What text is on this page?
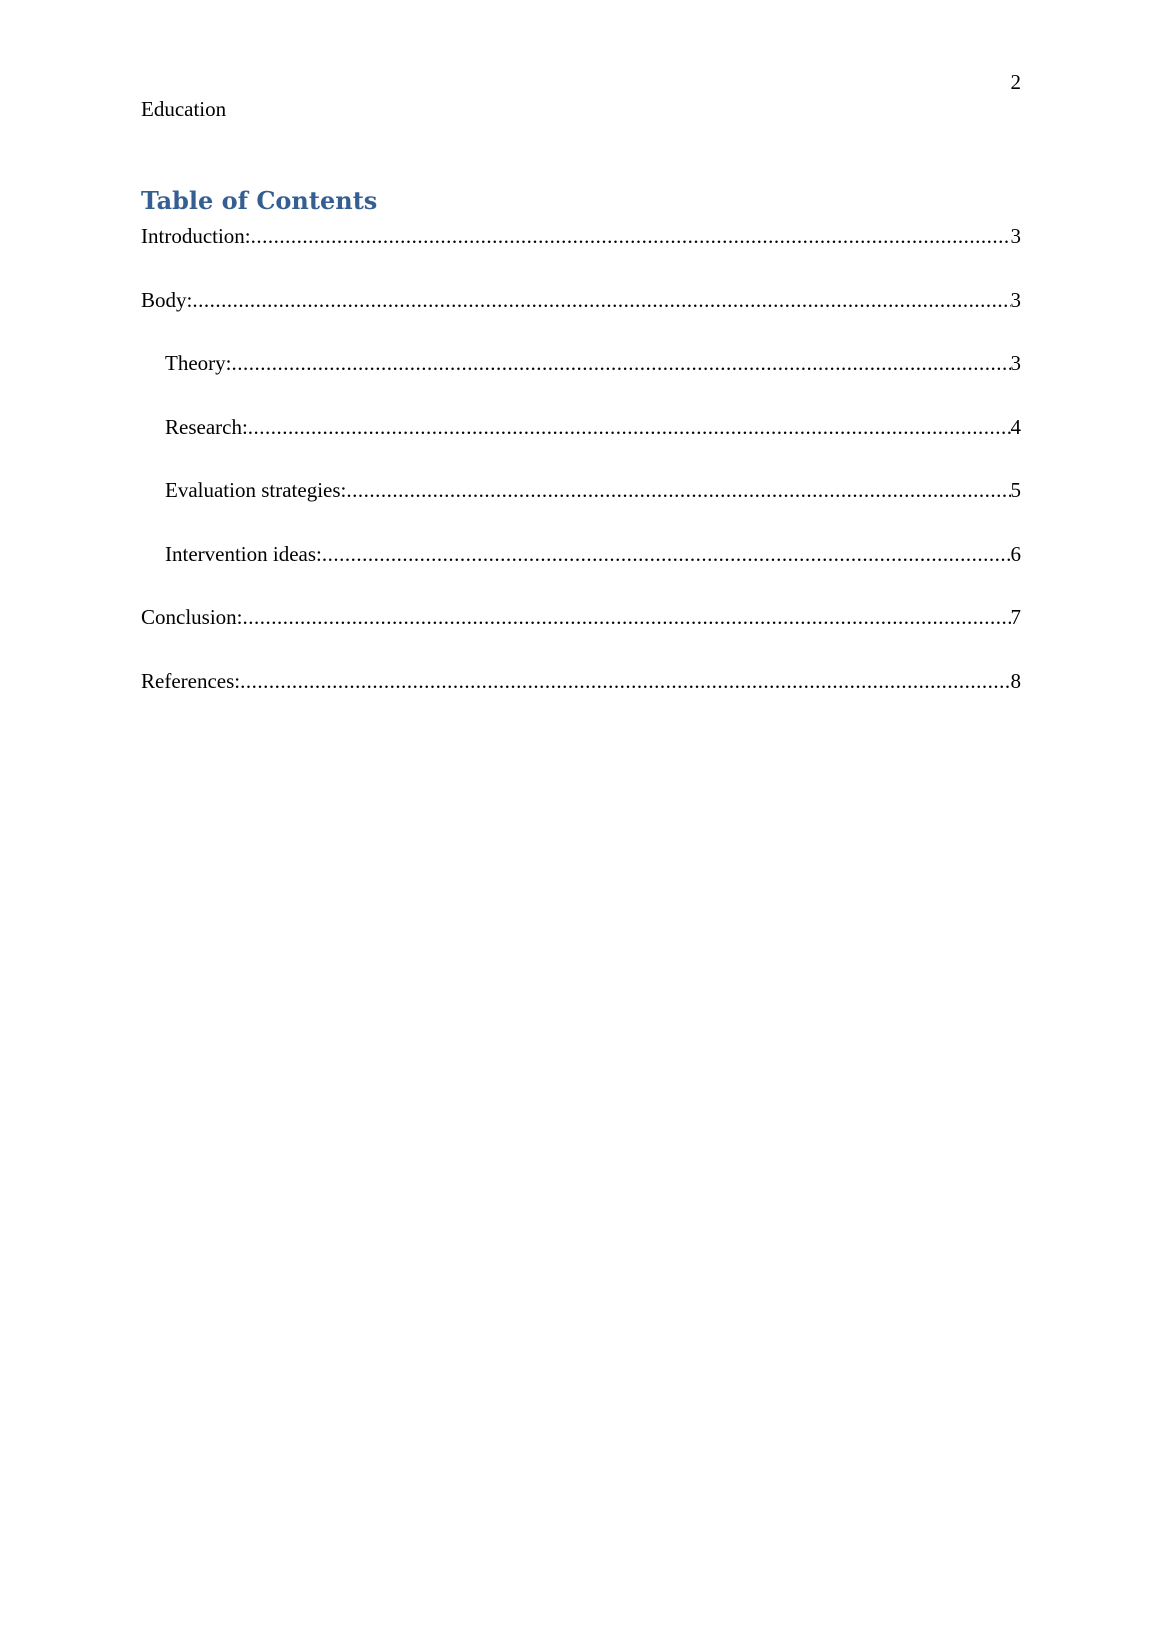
2
Education
Table of Contents
Introduction: .....	3
Body: .....	3
Theory: .....	3
Research: .....	4
Evaluation strategies: .....	5
Intervention ideas: .....	6
Conclusion: .....	7
References: .....	8
